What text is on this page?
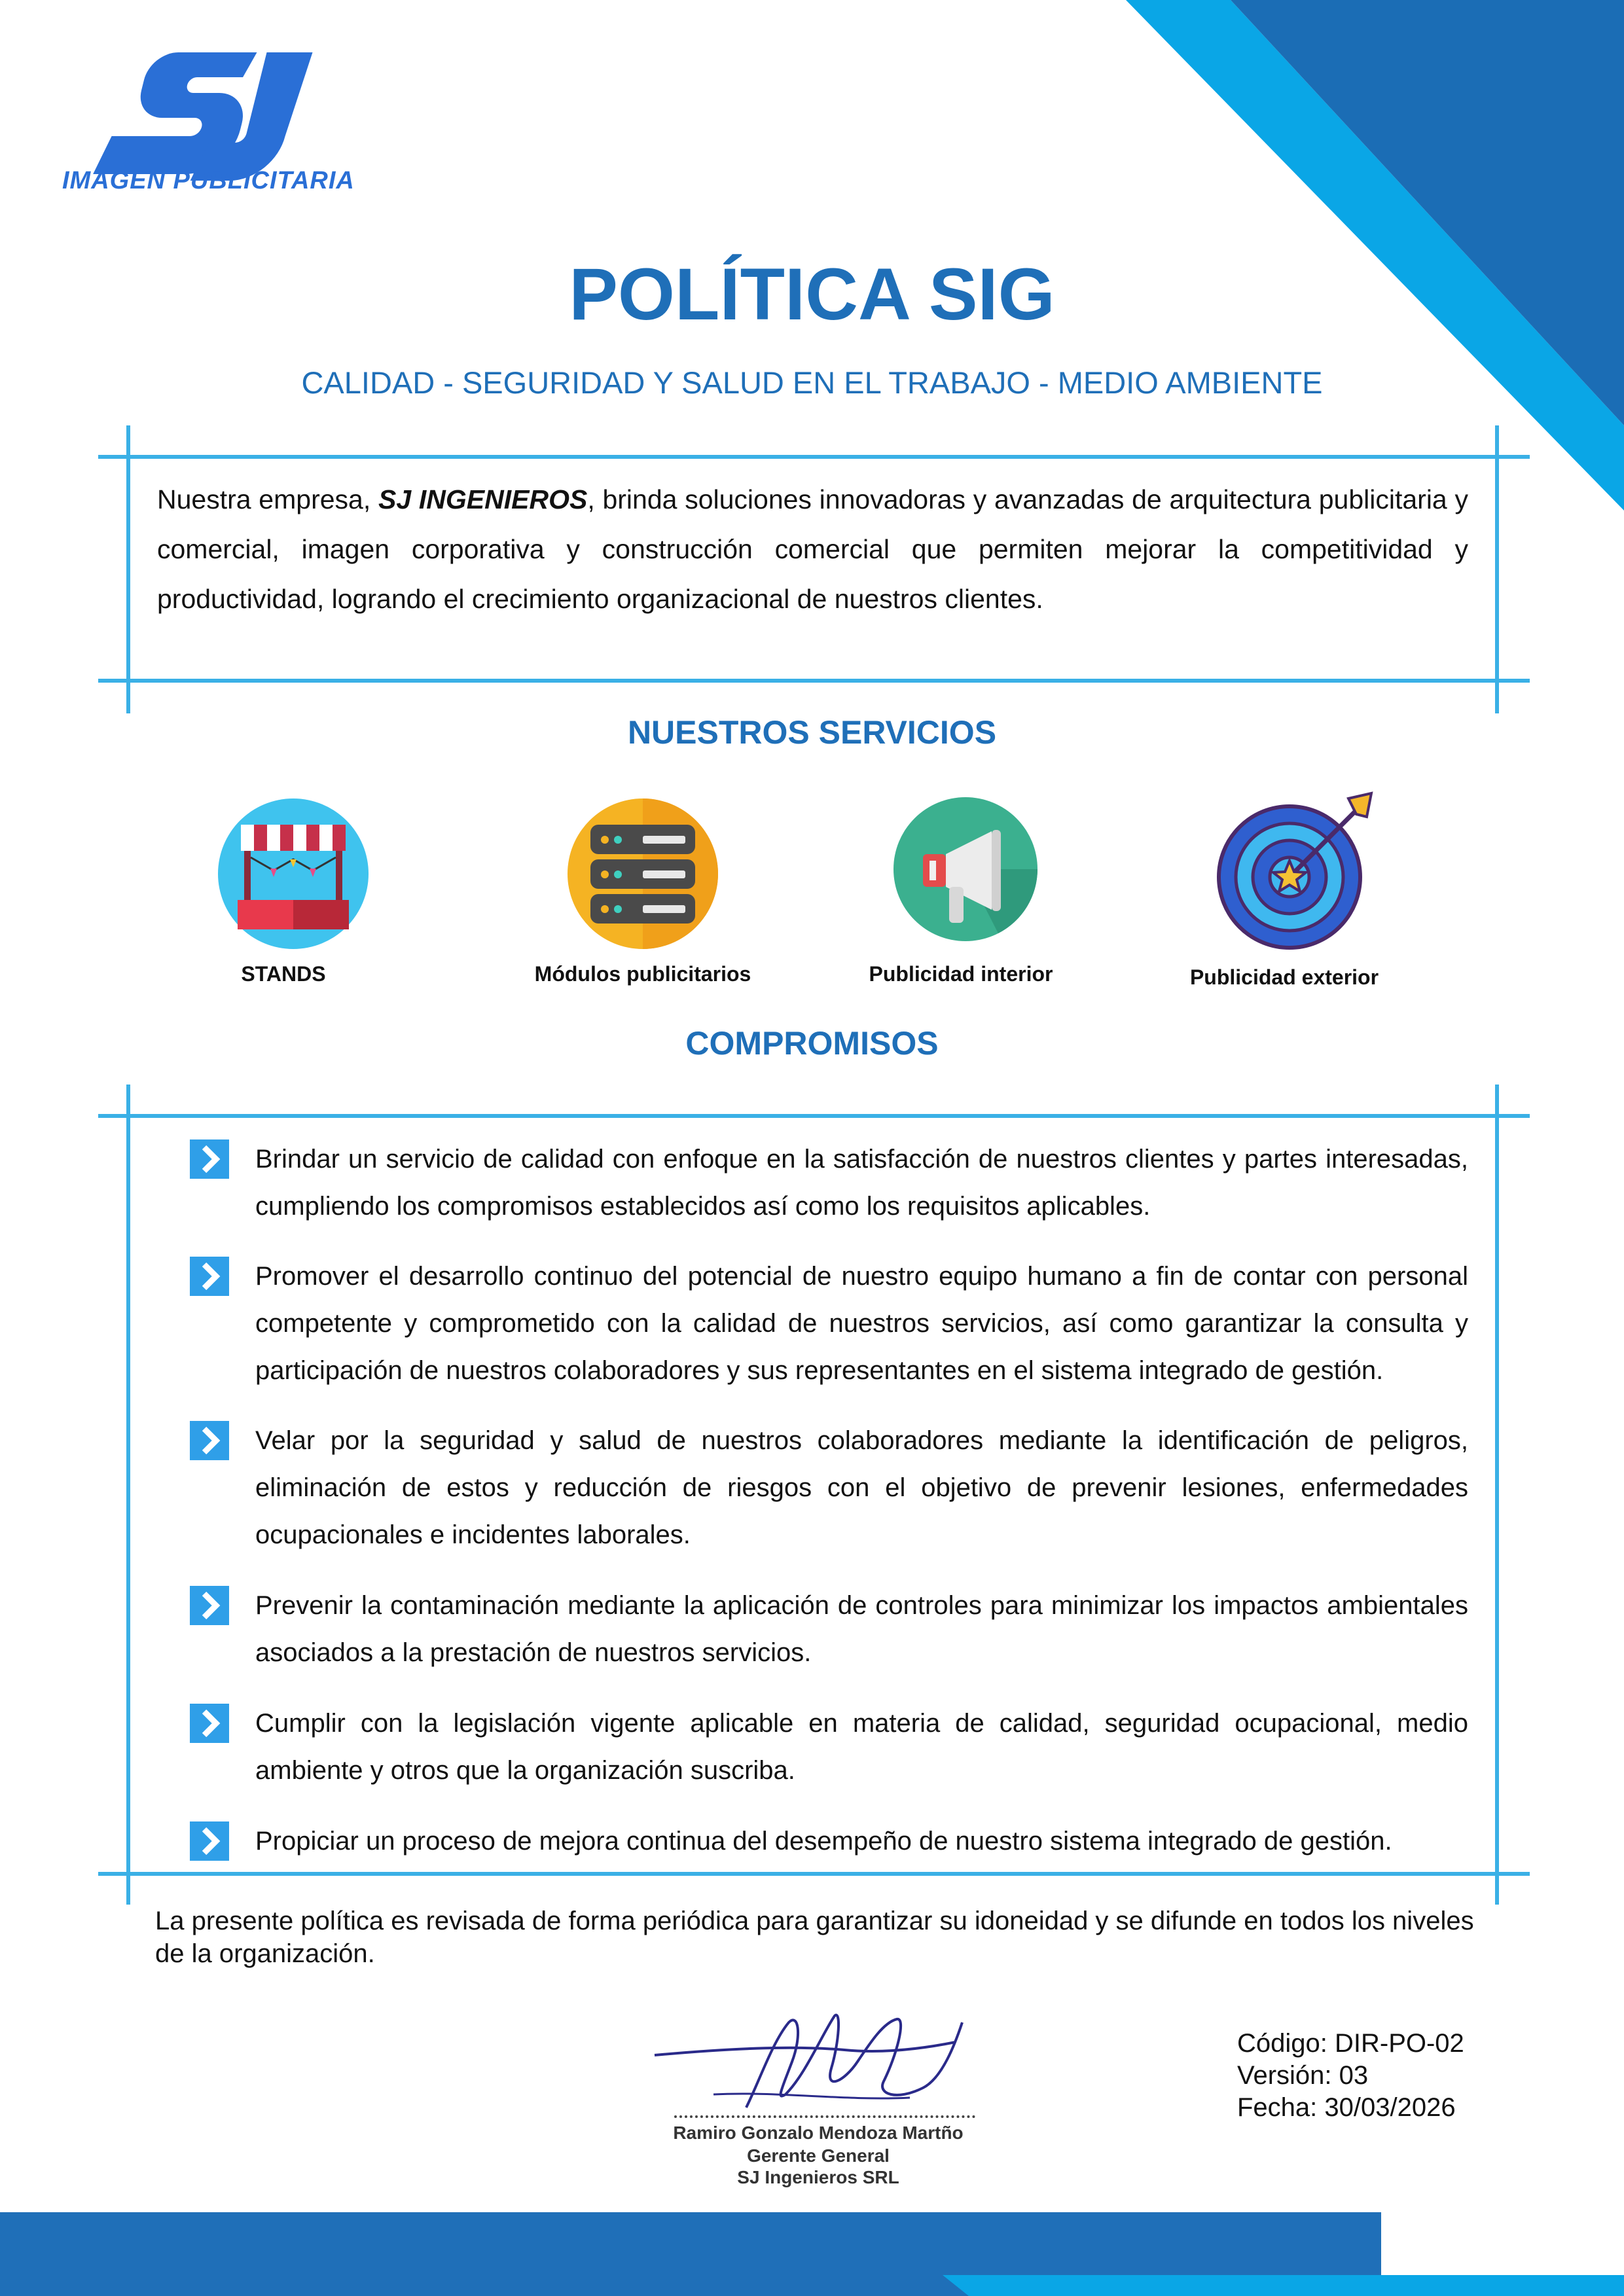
IMAGEN PUBLICITARIA
POLÍTICA SIG
CALIDAD - SEGURIDAD Y SALUD EN EL TRABAJO - MEDIO AMBIENTE
Nuestra empresa, SJ INGENIEROS, brinda soluciones innovadoras y avanzadas de arquitectura publicitaria y comercial, imagen corporativa y construcción comercial que permiten mejorar la competitividad y productividad, logrando el crecimiento organizacional de nuestros clientes.
NUESTROS SERVICIOS
STANDS	Módulos publicitarios	Publicidad interior	Publicidad exterior
COMPROMISOS
Brindar un servicio de calidad con enfoque en la satisfacción de nuestros clientes y partes interesadas, cumpliendo los compromisos establecidos así como los requisitos aplicables.
Promover el desarrollo continuo del potencial de nuestro equipo humano a fin de contar con personal competente y comprometido con la calidad de nuestros servicios, así como garantizar la consulta y participación de nuestros colaboradores y sus representantes en el sistema integrado de gestión.
Velar por la seguridad y salud de nuestros colaboradores mediante la identificación de peligros, eliminación de estos y reducción de riesgos con el objetivo de prevenir lesiones, enfermedades ocupacionales e incidentes laborales.
Prevenir la contaminación mediante la aplicación de controles para minimizar los impactos ambientales asociados a la prestación de nuestros servicios.
Cumplir con la legislación vigente aplicable en materia de calidad, seguridad ocupacional, medio ambiente y otros que la organización suscriba.
Propiciar un proceso de mejora continua del desempeño de nuestro sistema integrado de gestión.
La presente política es revisada de forma periódica para garantizar su idoneidad y se difunde en todos los niveles de la organización.
Ramiro Gonzalo Mendoza Martño
Gerente General
SJ Ingenieros SRL
Código: DIR-PO-02
Versión: 03
Fecha: 30/03/2026
